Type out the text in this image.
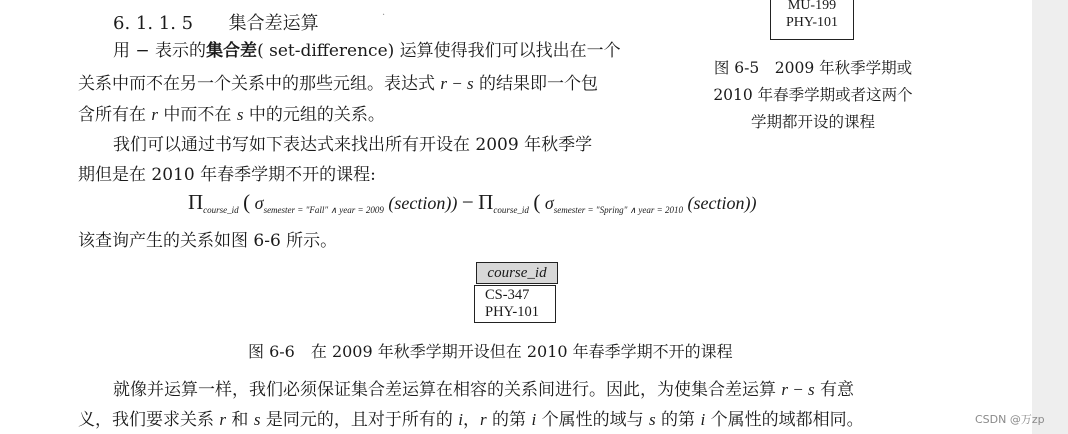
MU-199
PHY-101
6. 1. 1. 5 集合差运算	·
用 − 表示的集合差( set-difference) 运算使得我们可以找出在一个
关系中而不在另一个关系中的那些元组。表达式 r − s 的结果即一个包
含所有在 r 中而不在 s 中的元组的关系。
我们可以通过书写如下表达式来找出所有开设在 2009 年秋季学
期但是在 2010 年春季学期不开的课程:
图 6-5　2009 年秋季学期或
2010 年春季学期或者这两个
学期都开设的课程
$\Pi_{course\_id}$ ( $\sigma_{semester = "Fall" \wedge year = 2009}$ (section)) − $\Pi_{course\_id}$ ( $\sigma_{semester = "Spring" \wedge year = 2010}$ (section))
该查询产生的关系如图 6-6 所示。
course_id
CS-347
PHY-101
图 6-6　在 2009 年秋季学期开设但在 2010 年春季学期不开的课程
就像并运算一样，我们必须保证集合差运算在相容的关系间进行。因此，为使集合差运算 r − s 有意
义，我们要求关系 r 和 s 是同元的，且对于所有的 i，r 的第 i 个属性的域与 s 的第 i 个属性的域都相同。	CSDN @万zp
